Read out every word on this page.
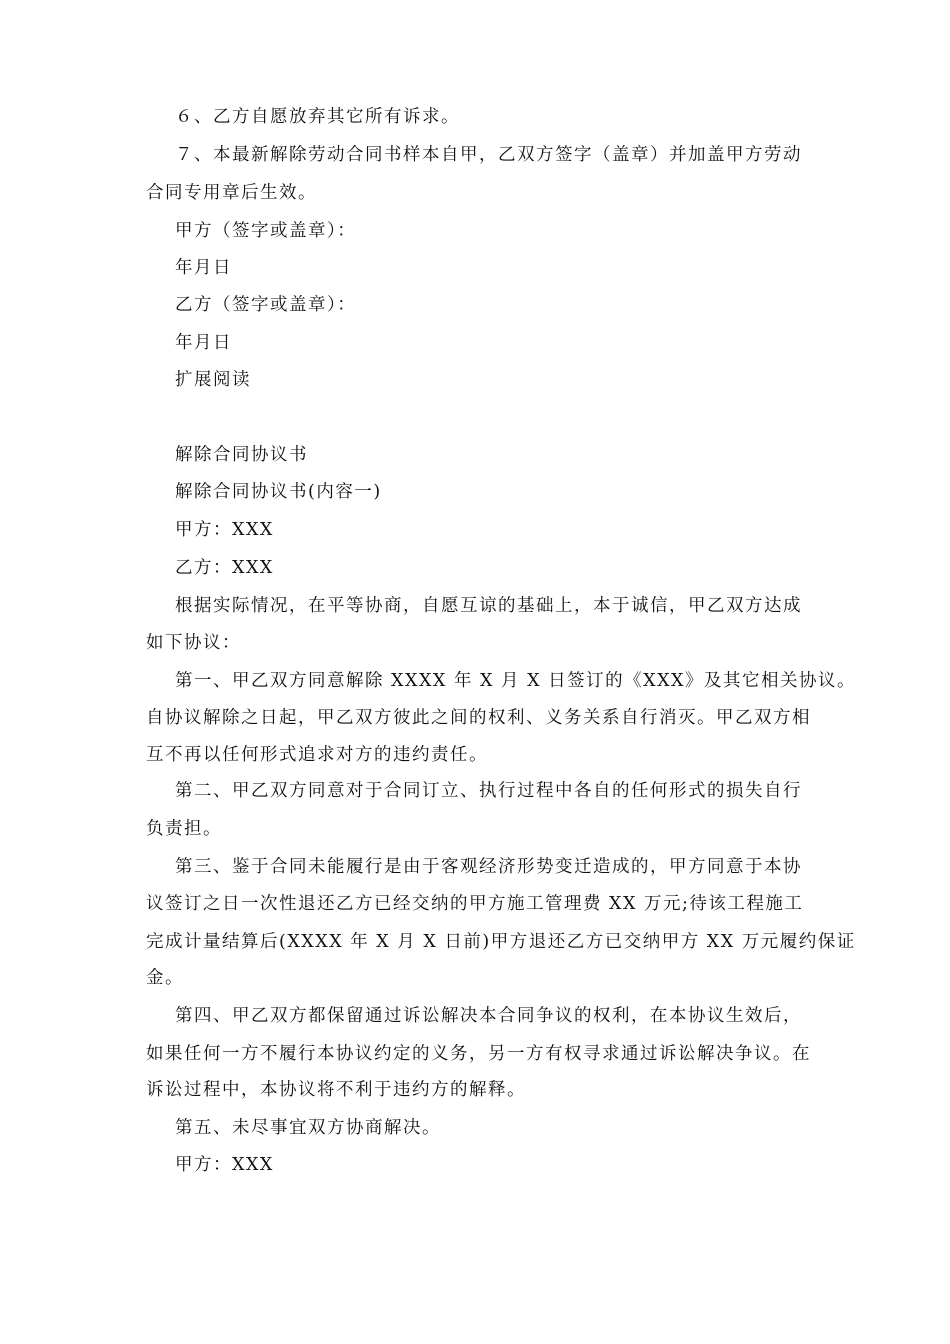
６、乙方自愿放弃其它所有诉求。
７、本最新解除劳动合同书样本自甲，乙双方签字（盖章）并加盖甲方劳动
合同专用章后生效。
甲方（签字或盖章）：
年月日
乙方（签字或盖章）：
年月日
扩展阅读
解除合同协议书
解除合同协议书(内容一)
甲方：XXX
乙方：XXX
根据实际情况，在平等协商，自愿互谅的基础上，本于诚信，甲乙双方达成
如下协议：
第一、甲乙双方同意解除 XXXX 年 X 月 X 日签订的《XXX》及其它相关协议。
自协议解除之日起，甲乙双方彼此之间的权利、义务关系自行消灭。甲乙双方相
互不再以任何形式追求对方的违约责任。
第二、甲乙双方同意对于合同订立、执行过程中各自的任何形式的损失自行
负责担。
第三、鉴于合同未能履行是由于客观经济形势变迁造成的，甲方同意于本协
议签订之日一次性退还乙方已经交纳的甲方施工管理费 XX 万元;待该工程施工
完成计量结算后(XXXX 年 X 月 X 日前)甲方退还乙方已交纳甲方 XX 万元履约保证
金。
第四、甲乙双方都保留通过诉讼解决本合同争议的权利，在本协议生效后，
如果任何一方不履行本协议约定的义务，另一方有权寻求通过诉讼解决争议。在
诉讼过程中，本协议将不利于违约方的解释。
第五、未尽事宜双方协商解决。
甲方：XXX
